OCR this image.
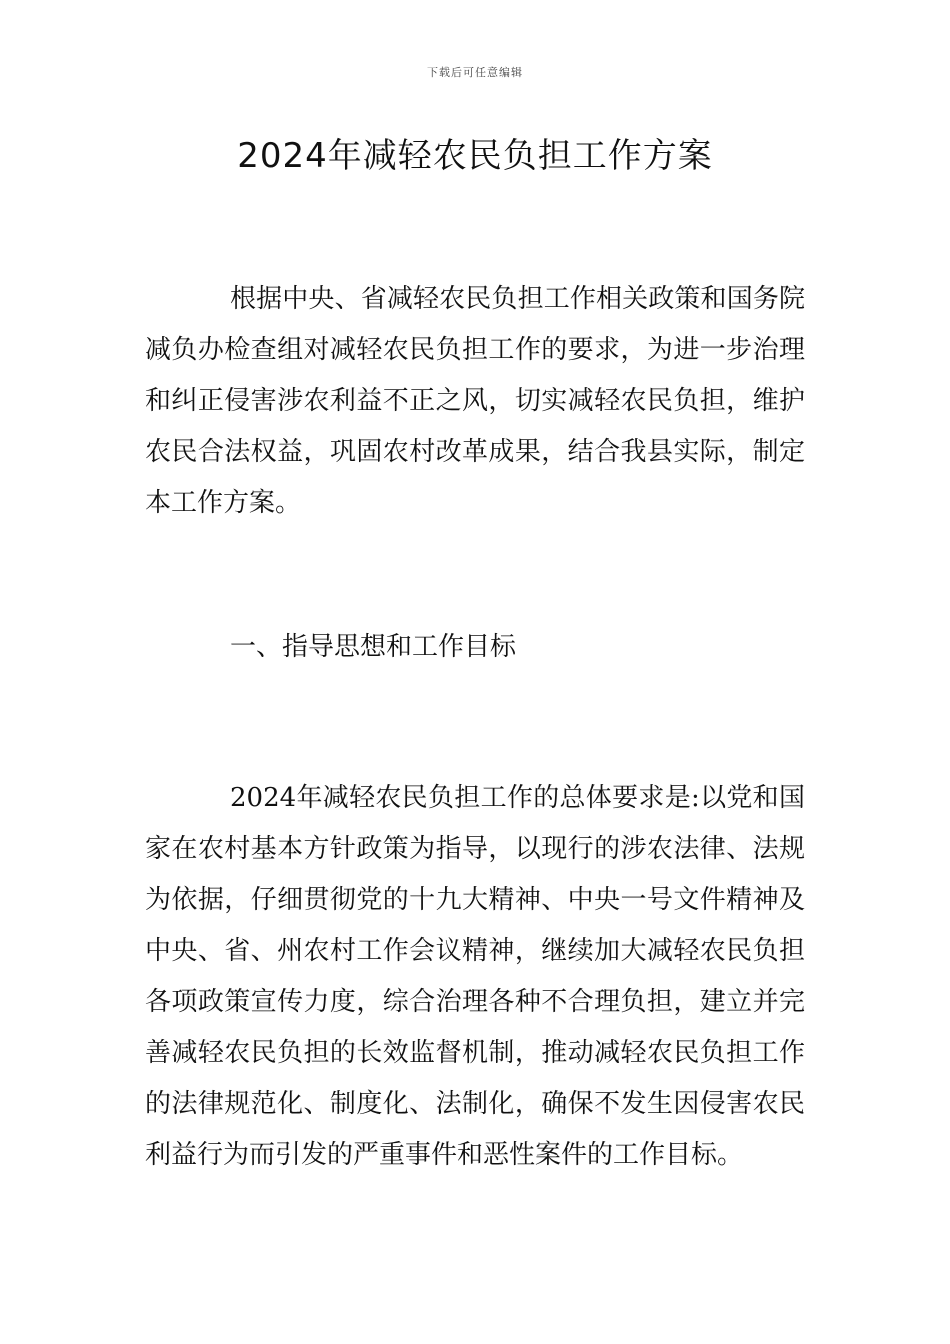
下载后可任意编辑
2024年减轻农民负担工作方案

根据中央、省减轻农民负担工作相关政策和国务院减负办检查组对减轻农民负担工作的要求，为进一步治理和纠正侵害涉农利益不正之风，切实减轻农民负担，维护农民合法权益，巩固农村改革成果，结合我县实际，制定本工作方案。

一、指导思想和工作目标

2024年减轻农民负担工作的总体要求是:以党和国家在农村基本方针政策为指导，以现行的涉农法律、法规为依据，仔细贯彻党的十九大精神、中央一号文件精神及中央、省、州农村工作会议精神，继续加大减轻农民负担各项政策宣传力度，综合治理各种不合理负担，建立并完善减轻农民负担的长效监督机制，推动减轻农民负担工作的法律规范化、制度化、法制化，确保不发生因侵害农民利益行为而引发的严重事件和恶性案件的工作目标。
